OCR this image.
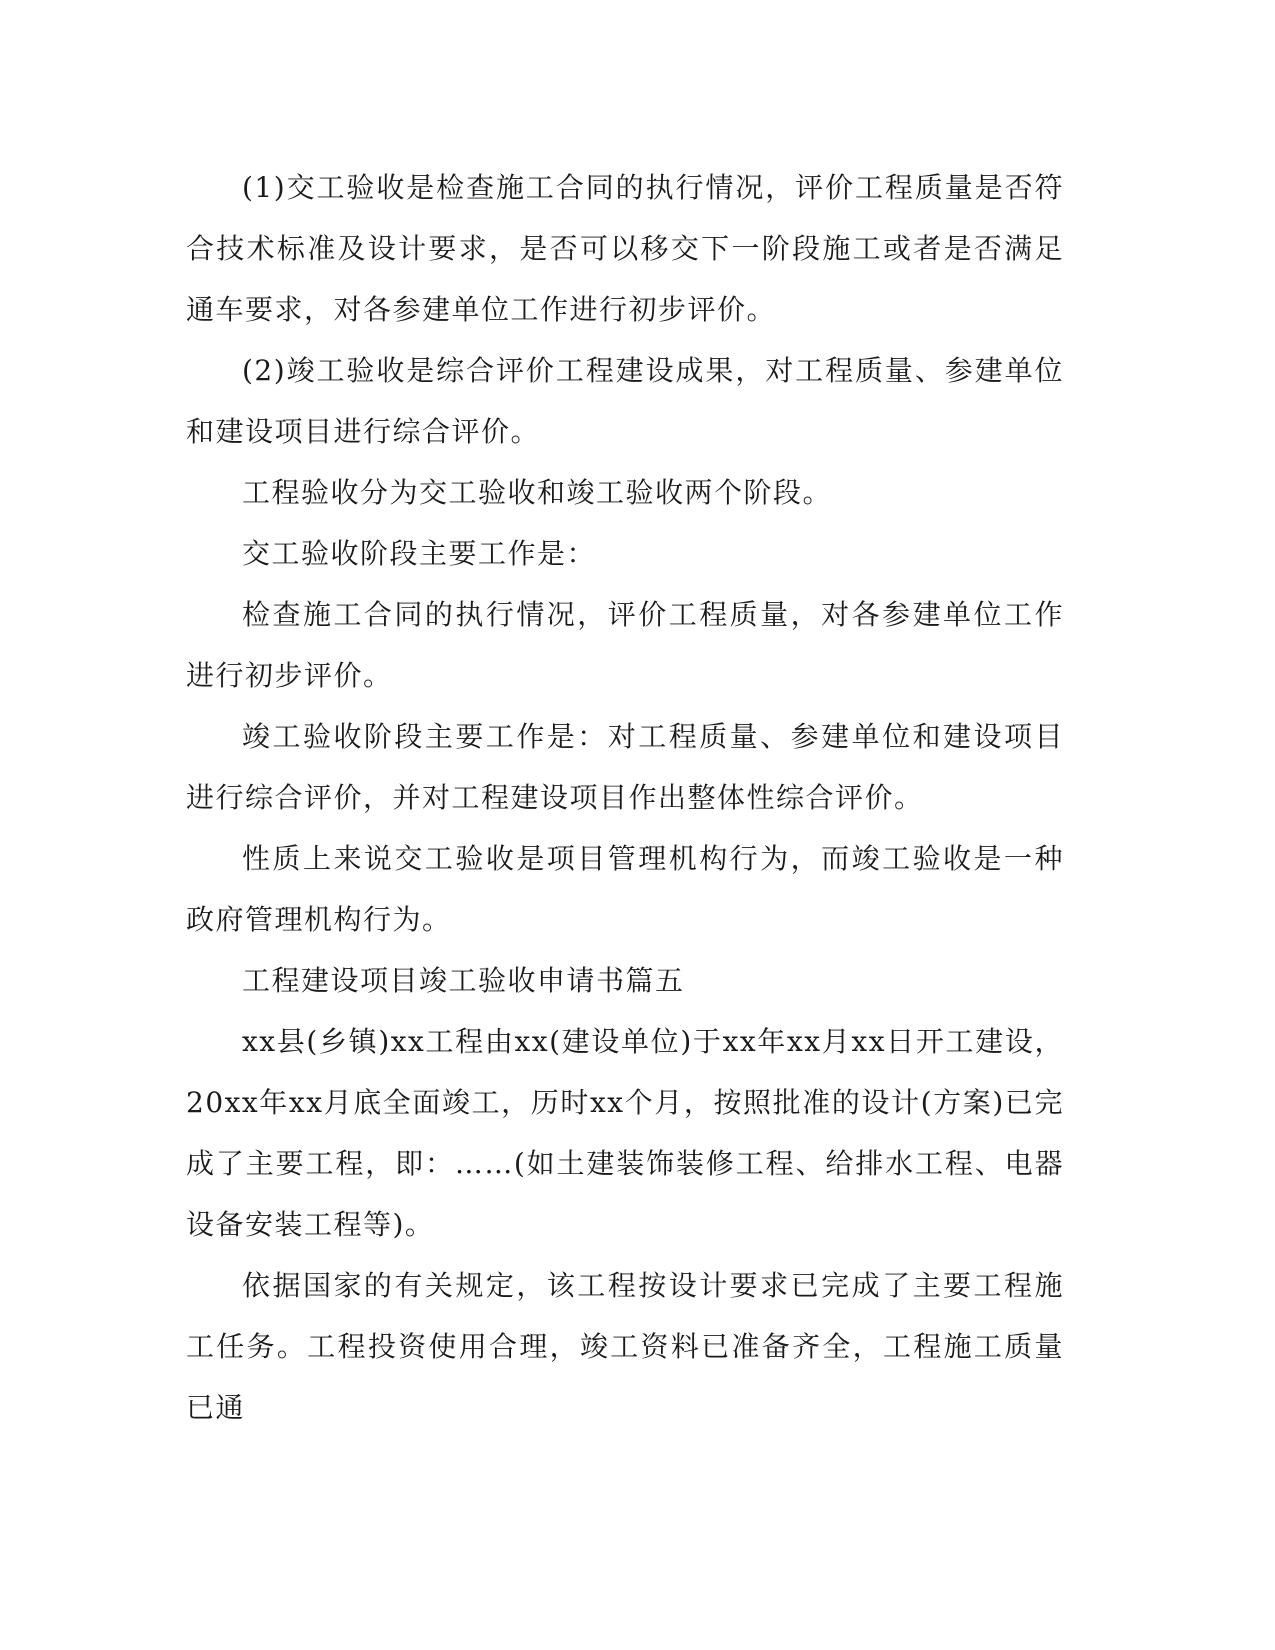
(1)交工验收是检查施工合同的执行情况，评价工程质量是否符合技术标准及设计要求，是否可以移交下一阶段施工或者是否满足通车要求，对各参建单位工作进行初步评价。

(2)竣工验收是综合评价工程建设成果，对工程质量、参建单位和建设项目进行综合评价。

工程验收分为交工验收和竣工验收两个阶段。

交工验收阶段主要工作是：

检查施工合同的执行情况，评价工程质量，对各参建单位工作进行初步评价。

竣工验收阶段主要工作是：对工程质量、参建单位和建设项目进行综合评价，并对工程建设项目作出整体性综合评价。

性质上来说交工验收是项目管理机构行为，而竣工验收是一种政府管理机构行为。

工程建设项目竣工验收申请书篇五

xx县(乡镇)xx工程由xx(建设单位)于xx年xx月xx日开工建设，20xx年xx月底全面竣工，历时xx个月，按照批准的设计(方案)已完成了主要工程，即：……(如土建装饰装修工程、给排水工程、电器设备安装工程等)。

依据国家的有关规定，该工程按设计要求已完成了主要工程施工任务。工程投资使用合理，竣工资料已准备齐全，工程施工质量已通
